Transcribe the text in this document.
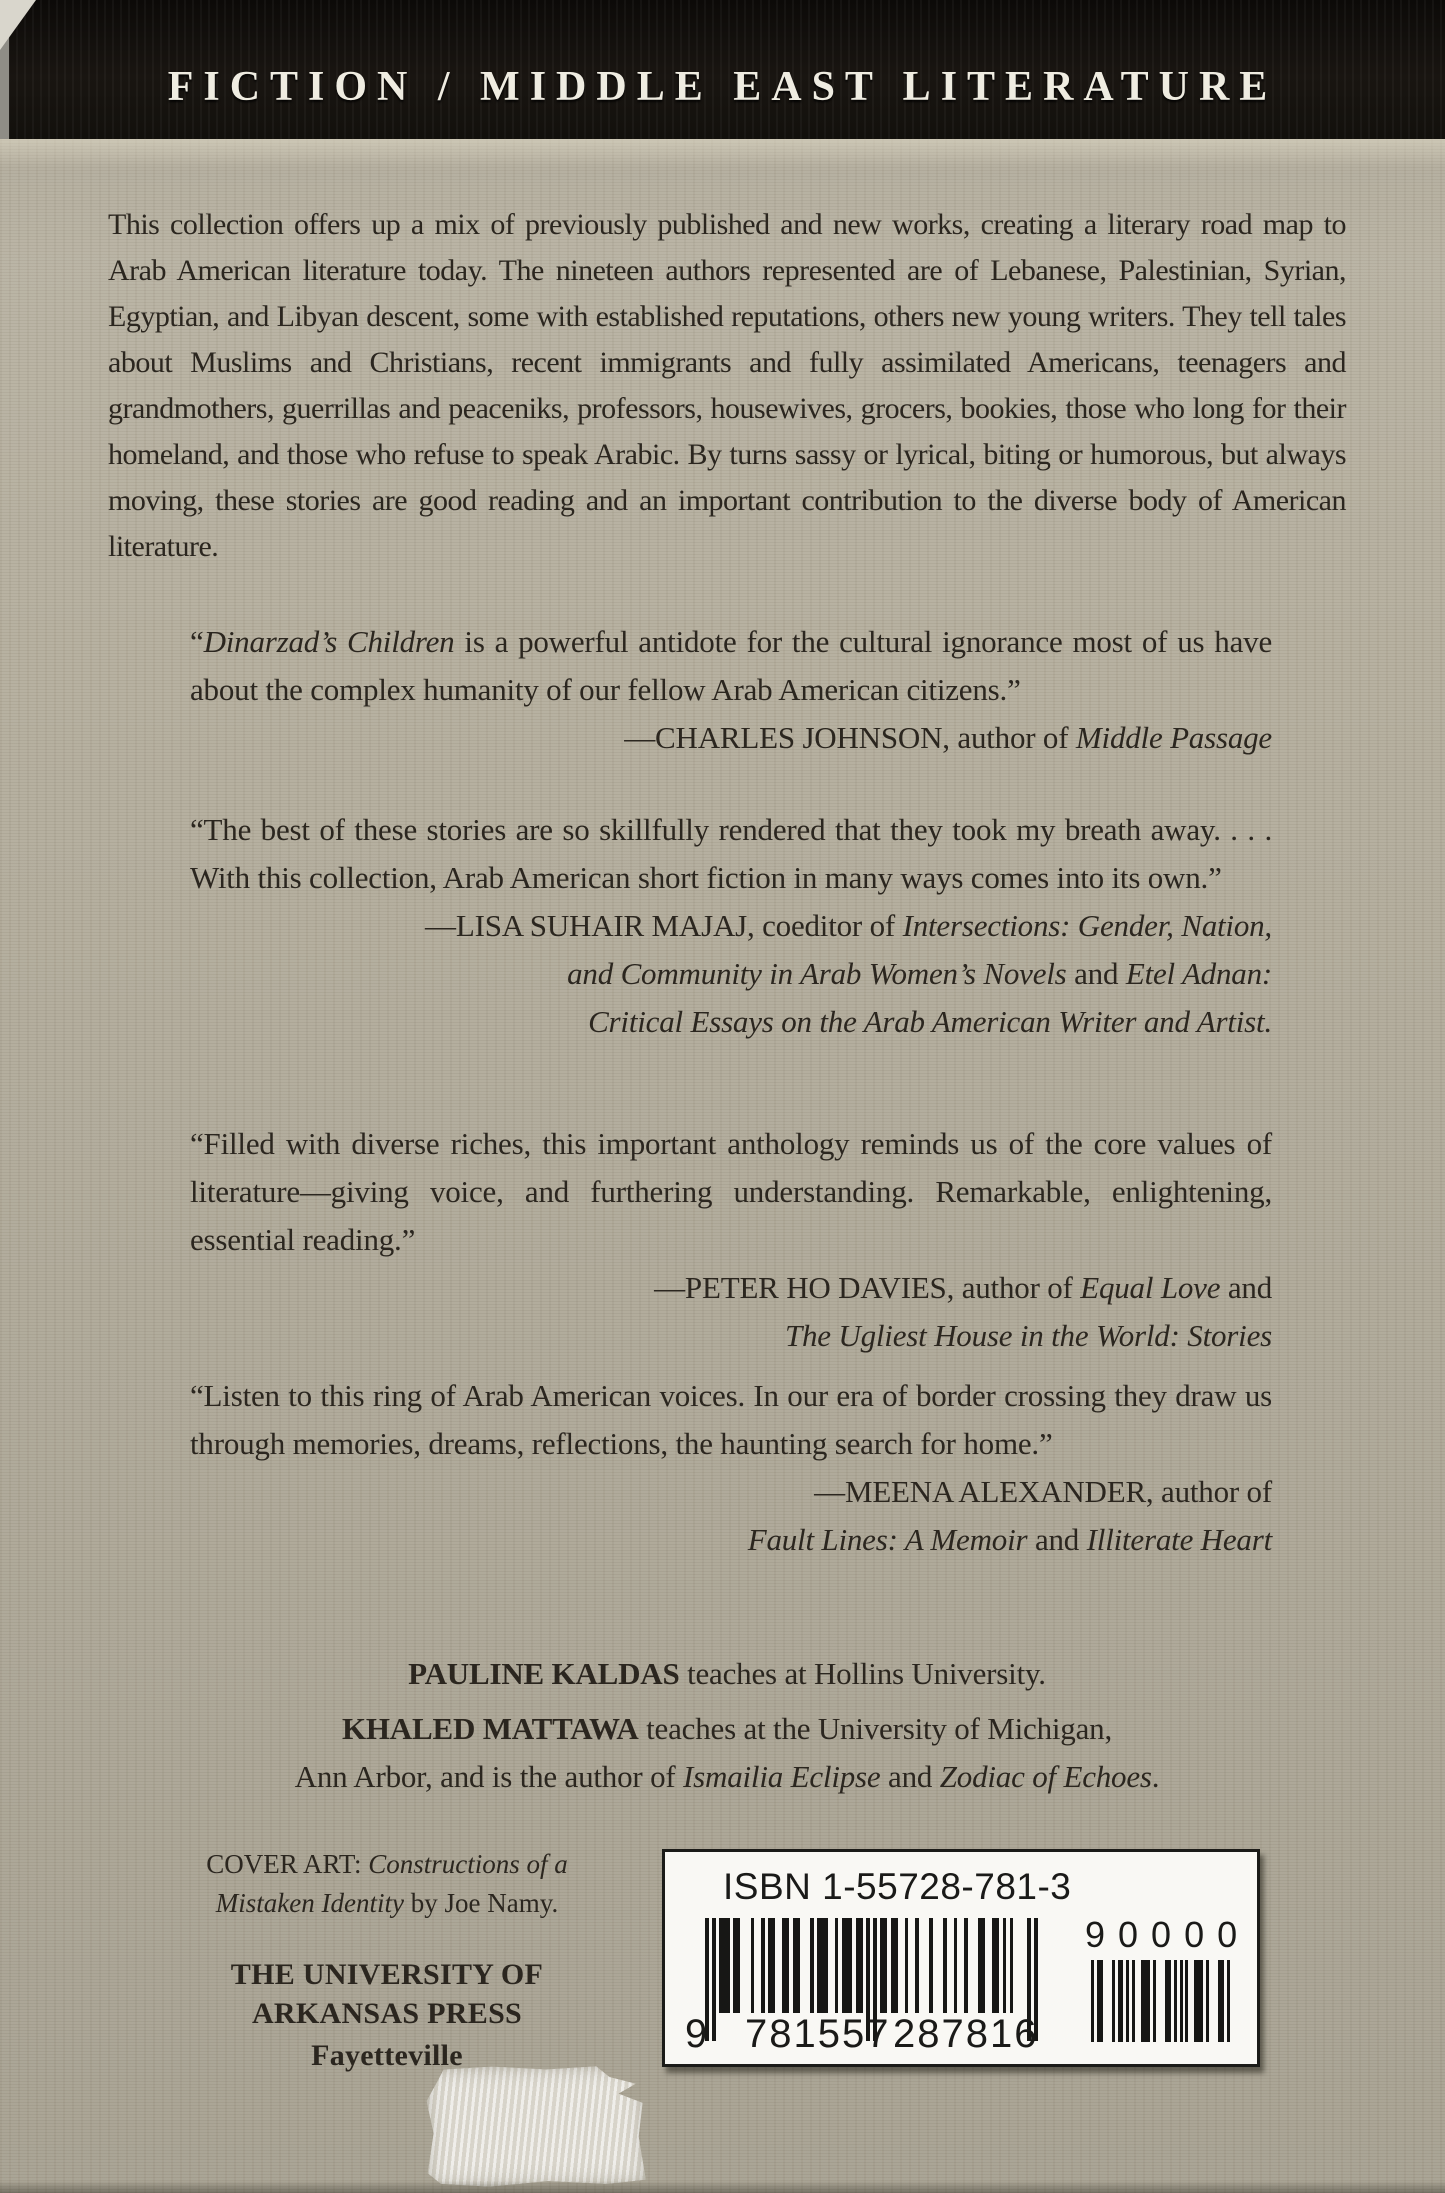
FICTION / MIDDLE EAST LITERATURE

This collection offers up a mix of previously published and new works, creating a literary road map to Arab American literature today. The nineteen authors represented are of Lebanese, Palestinian, Syrian, Egyptian, and Libyan descent, some with established reputations, others new young writers. They tell tales about Muslims and Christians, recent immigrants and fully assimilated Americans, teenagers and grandmothers, guerrillas and peaceniks, professors, housewives, grocers, bookies, those who long for their homeland, and those who refuse to speak Arabic. By turns sassy or lyrical, biting or humorous, but always moving, these stories are good reading and an important contribution to the diverse body of American literature.

“Dinarzad’s Children is a powerful antidote for the cultural ignorance most of us have about the complex humanity of our fellow Arab American citizens.”
—CHARLES JOHNSON, author of Middle Passage
“The best of these stories are so skillfully rendered that they took my breath away. . . . With this collection, Arab American short fiction in many ways comes into its own.”
—LISA SUHAIR MAJAJ, coeditor of Intersections: Gender, Nation,
and Community in Arab Women’s Novels and Etel Adnan:
Critical Essays on the Arab American Writer and Artist.
“Filled with diverse riches, this important anthology reminds us of the core values of literature—giving voice, and furthering understanding. Remarkable, enlightening, essential reading.”
—PETER HO DAVIES, author of Equal Love and
The Ugliest House in the World: Stories
“Listen to this ring of Arab American voices. In our era of border crossing they draw us through memories, dreams, reflections, the haunting search for home.”
—MEENA ALEXANDER, author of
Fault Lines: A Memoir and Illiterate Heart
PAULINE KALDAS teaches at Hollins University.
KHALED MATTAWA teaches at the University of Michigan,
Ann Arbor, and is the author of Ismailia Eclipse and Zodiac of Echoes.
COVER ART: Constructions of a
Mistaken Identity by Joe Namy.
THE UNIVERSITY OF
ARKANSAS PRESS
Fayetteville
ISBN 1-55728-781-3
9 781557 287816
90000
